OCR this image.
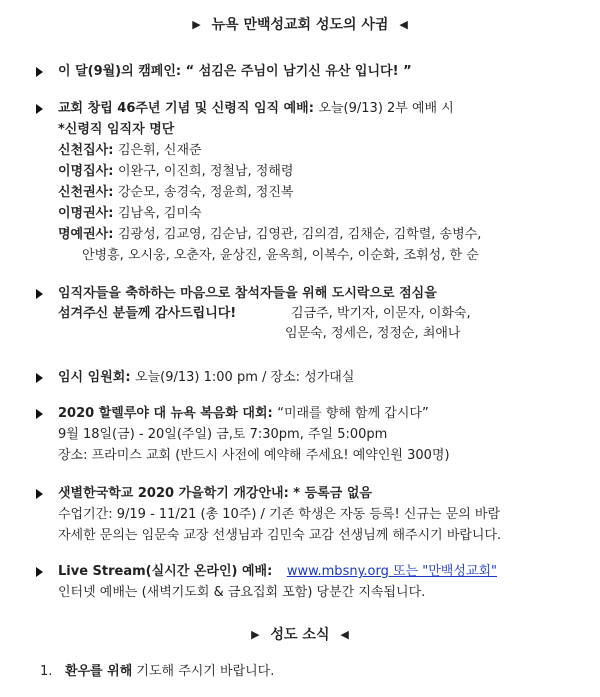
▶ 뉴욕 만백성교회 성도의 사귐 ◀
이 달(9월)의 캠페인: “ 섬김은 주님이 남기신 유산 입니다! ”
교회 창립 46주년 기념 및 신령직 임직 예배: 오늘(9/13) 2부 예배 시
*신령직 임직자 명단
신천집사: 김은휘, 신재준
이명집사: 이완구, 이진희, 정철남, 정해령
신천권사: 강순모, 송경숙, 정윤희, 정진복
이명권사: 김남옥, 김미숙
명예권사: 김광성, 김교영, 김순남, 김영관, 김의겸, 김채순, 김학렬, 송병수,
안병흥, 오시웅, 오춘자, 윤상진, 윤옥희, 이복수, 이순화, 조휘성, 한 순
임직자들을 축하하는 마음으로 참석자들을 위해 도시락으로 점심을
섬겨주신 분들께 감사드립니다!	김금주, 박기자, 이문자, 이화숙,
임문숙, 정세은, 정정순, 최애나
임시 임원회: 오늘(9/13) 1:00 pm / 장소: 성가대실
2020 할렐루야 대 뉴욕 복음화 대회: “미래를 향해 함께 갑시다”
9월 18일(금) - 20일(주일) 금,토 7:30pm, 주일 5:00pm
장소: 프라미스 교회 (반드시 사전에 예약해 주세요! 예약인원 300명)
샛별한국학교 2020 가을학기 개강안내: * 등록금 없음
수업기간: 9/19 - 11/21 (총 10주) / 기존 학생은 자동 등록! 신규는 문의 바람
자세한 문의는 임문숙 교장 선생님과 김민숙 교감 선생님께 해주시기 바랍니다.
Live Stream(실시간 온라인) 예배: www.mbsny.org 또는 "만백성교회"
인터넷 예배는 (새벽기도회 & 금요집회 포함) 당분간 지속됩니다.
▶ 성도 소식 ◀
1. 환우를 위해 기도해 주시기 바랍니다.
